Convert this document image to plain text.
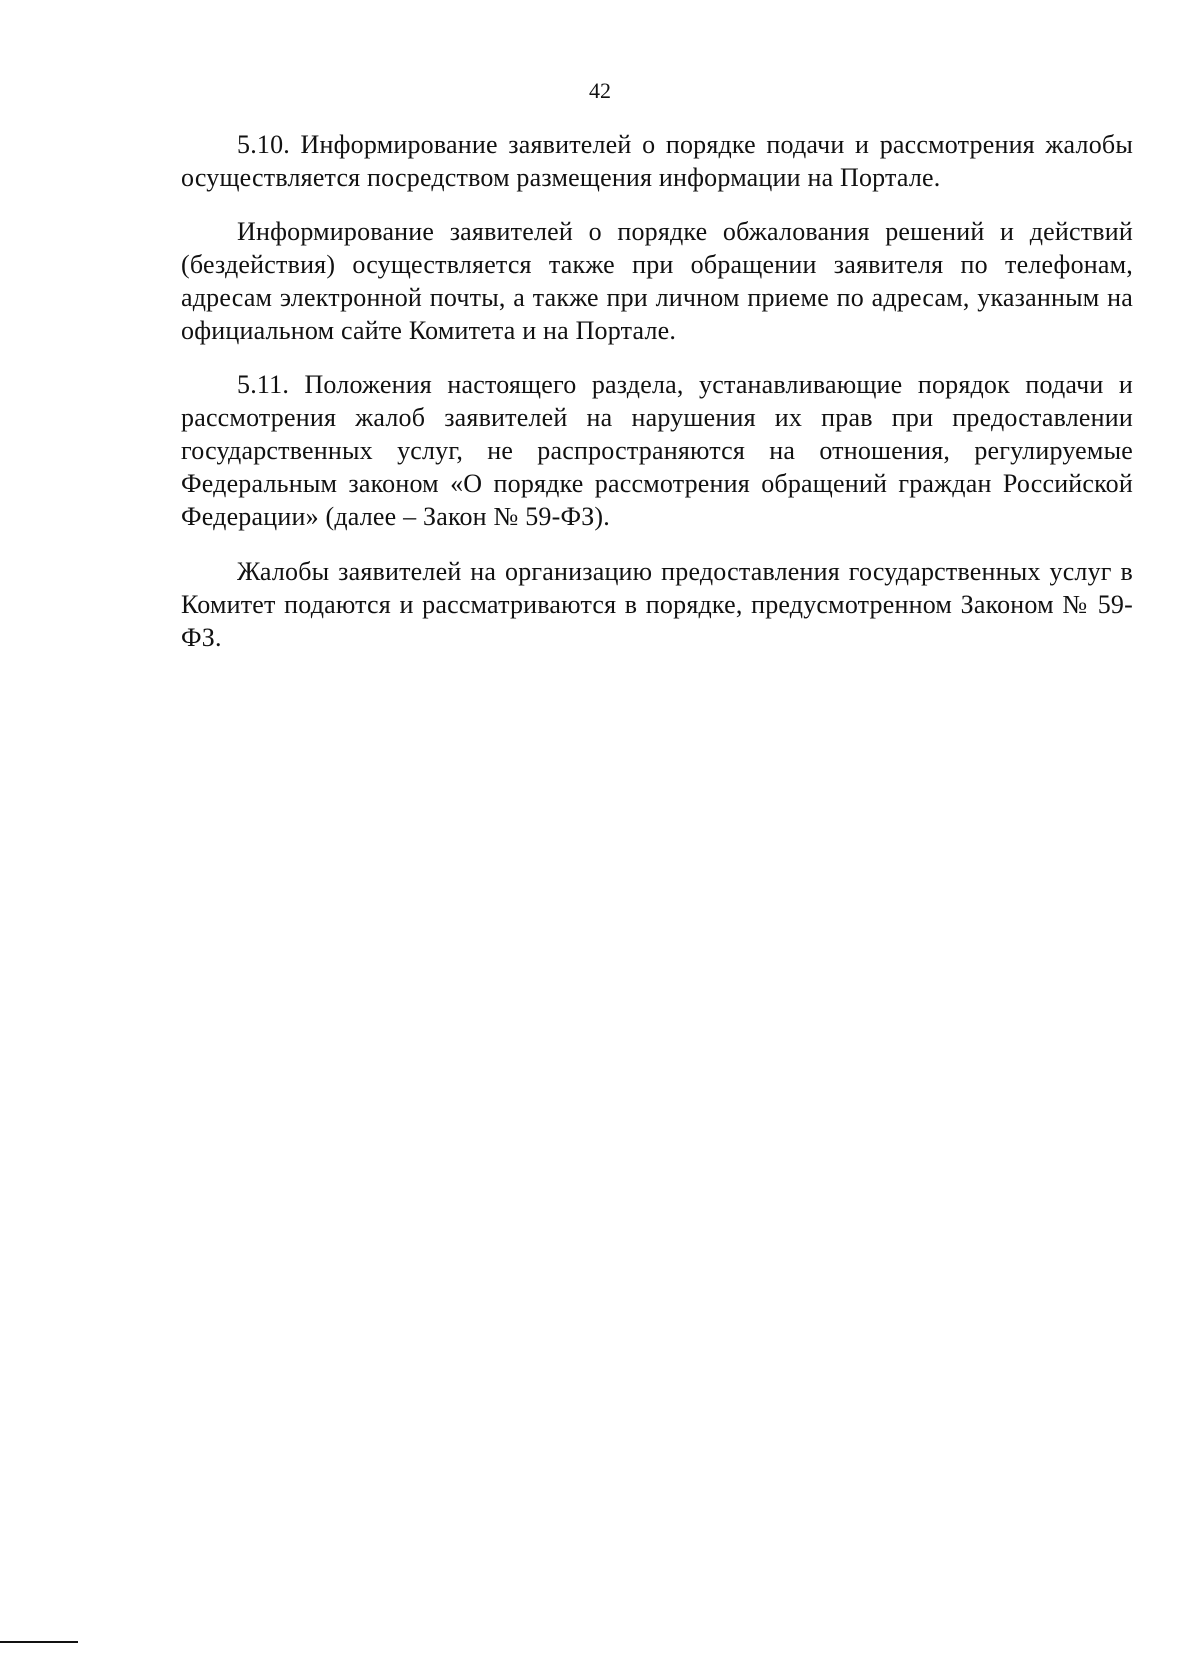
42

5.10. Информирование заявителей о порядке подачи и рассмотрения жалобы осуществляется посредством размещения информации на Портале.

Информирование заявителей о порядке обжалования решений и действий (бездействия) осуществляется также при обращении заявителя по телефонам, адресам электронной почты, а также при личном приеме по адресам, указанным на официальном сайте Комитета и на Портале.

5.11. Положения настоящего раздела, устанавливающие порядок подачи и рассмотрения жалоб заявителей на нарушения их прав при предоставлении государственных услуг, не распространяются на отношения, регулируемые Федеральным законом «О порядке рассмотрения обращений граждан Российской Федерации» (далее – Закон № 59-ФЗ).

Жалобы заявителей на организацию предоставления государственных услуг в Комитет подаются и рассматриваются в порядке, предусмотренном Законом № 59-ФЗ.
